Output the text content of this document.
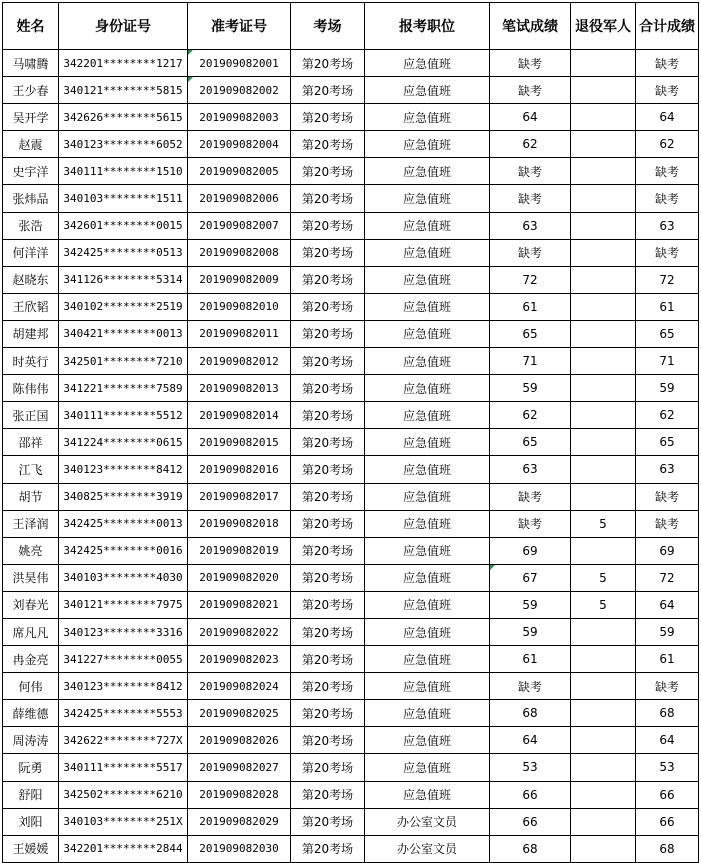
姓名	身份证号	准考证号	考场	报考职位	笔试成绩	退役军人	合计成绩
马啸腾	342201********1217	201909082001	第20考场	应急值班	缺考		缺考
王少春	340121********5815	201909082002	第20考场	应急值班	缺考		缺考
吴开学	342626********5615	201909082003	第20考场	应急值班	64		64
赵震	340123********6052	201909082004	第20考场	应急值班	62		62
史宇洋	340111********1510	201909082005	第20考场	应急值班	缺考		缺考
张炜品	340103********1511	201909082006	第20考场	应急值班	缺考		缺考
张浩	342601********0015	201909082007	第20考场	应急值班	63		63
何洋洋	342425********0513	201909082008	第20考场	应急值班	缺考		缺考
赵晓东	341126********5314	201909082009	第20考场	应急值班	72		72
王欣韬	340102********2519	201909082010	第20考场	应急值班	61		61
胡建邦	340421********0013	201909082011	第20考场	应急值班	65		65
时英行	342501********7210	201909082012	第20考场	应急值班	71		71
陈伟伟	341221********7589	201909082013	第20考场	应急值班	59		59
张正国	340111********5512	201909082014	第20考场	应急值班	62		62
邵祥	341224********0615	201909082015	第20考场	应急值班	65		65
江飞	340123********8412	201909082016	第20考场	应急值班	63		63
胡节	340825********3919	201909082017	第20考场	应急值班	缺考		缺考
王泽润	342425********0013	201909082018	第20考场	应急值班	缺考	5	缺考
姚亮	342425********0016	201909082019	第20考场	应急值班	69		69
洪昊伟	340103********4030	201909082020	第20考场	应急值班	67	5	72
刘春光	340121********7975	201909082021	第20考场	应急值班	59	5	64
席凡凡	340123********3316	201909082022	第20考场	应急值班	59		59
冉金亮	341227********0055	201909082023	第20考场	应急值班	61		61
何伟	340123********8412	201909082024	第20考场	应急值班	缺考		缺考
薛维德	342425********5553	201909082025	第20考场	应急值班	68		68
周涛涛	342622********727X	201909082026	第20考场	应急值班	64		64
阮勇	340111********5517	201909082027	第20考场	应急值班	53		53
舒阳	342502********6210	201909082028	第20考场	应急值班	66		66
刘阳	340103********251X	201909082029	第20考场	办公室文员	66		66
王媛媛	342201********2844	201909082030	第20考场	办公室文员	68		68
